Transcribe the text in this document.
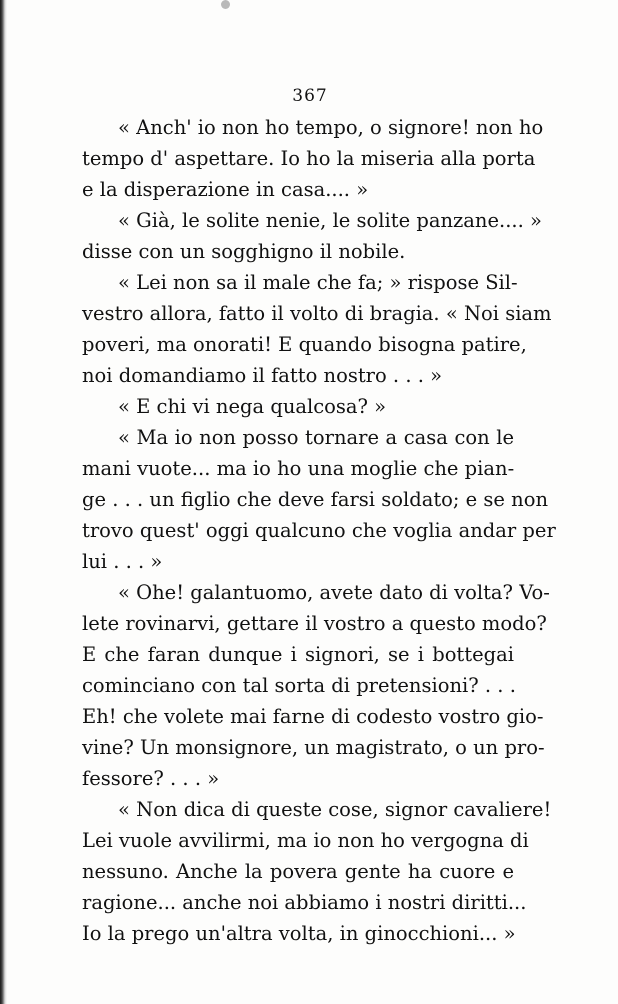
367
« Anch' io non ho tempo, o signore! non ho
tempo d' aspettare. Io ho la miseria alla porta
e la disperazione in casa.... »
« Già, le solite nenie, le solite panzane.... »
disse con un sogghigno il nobile.
« Lei non sa il male che fa; » rispose Sil-
vestro allora, fatto il volto di bragia. « Noi siam
poveri, ma onorati! E quando bisogna patire,
noi domandiamo il fatto nostro . . . »
« E chi vi nega qualcosa? »
« Ma io non posso tornare a casa con le
mani vuote... ma io ho una moglie che pian-
ge . . . un figlio che deve farsi soldato; e se non
trovo quest' oggi qualcuno che voglia andar per
lui . . . »
« Ohe! galantuomo, avete dato di volta? Vo-
lete rovinarvi, gettare il vostro a questo modo?
E che faran dunque i signori, se i bottegai
cominciano con tal sorta di pretensioni? . . .
Eh! che volete mai farne di codesto vostro gio-
vine? Un monsignore, un magistrato, o un pro-
fessore? . . . »
« Non dica di queste cose, signor cavaliere!
Lei vuole avvilirmi, ma io non ho vergogna di
nessuno. Anche la povera gente ha cuore e
ragione... anche noi abbiamo i nostri diritti...
Io la prego un'altra volta, in ginocchioni... »
